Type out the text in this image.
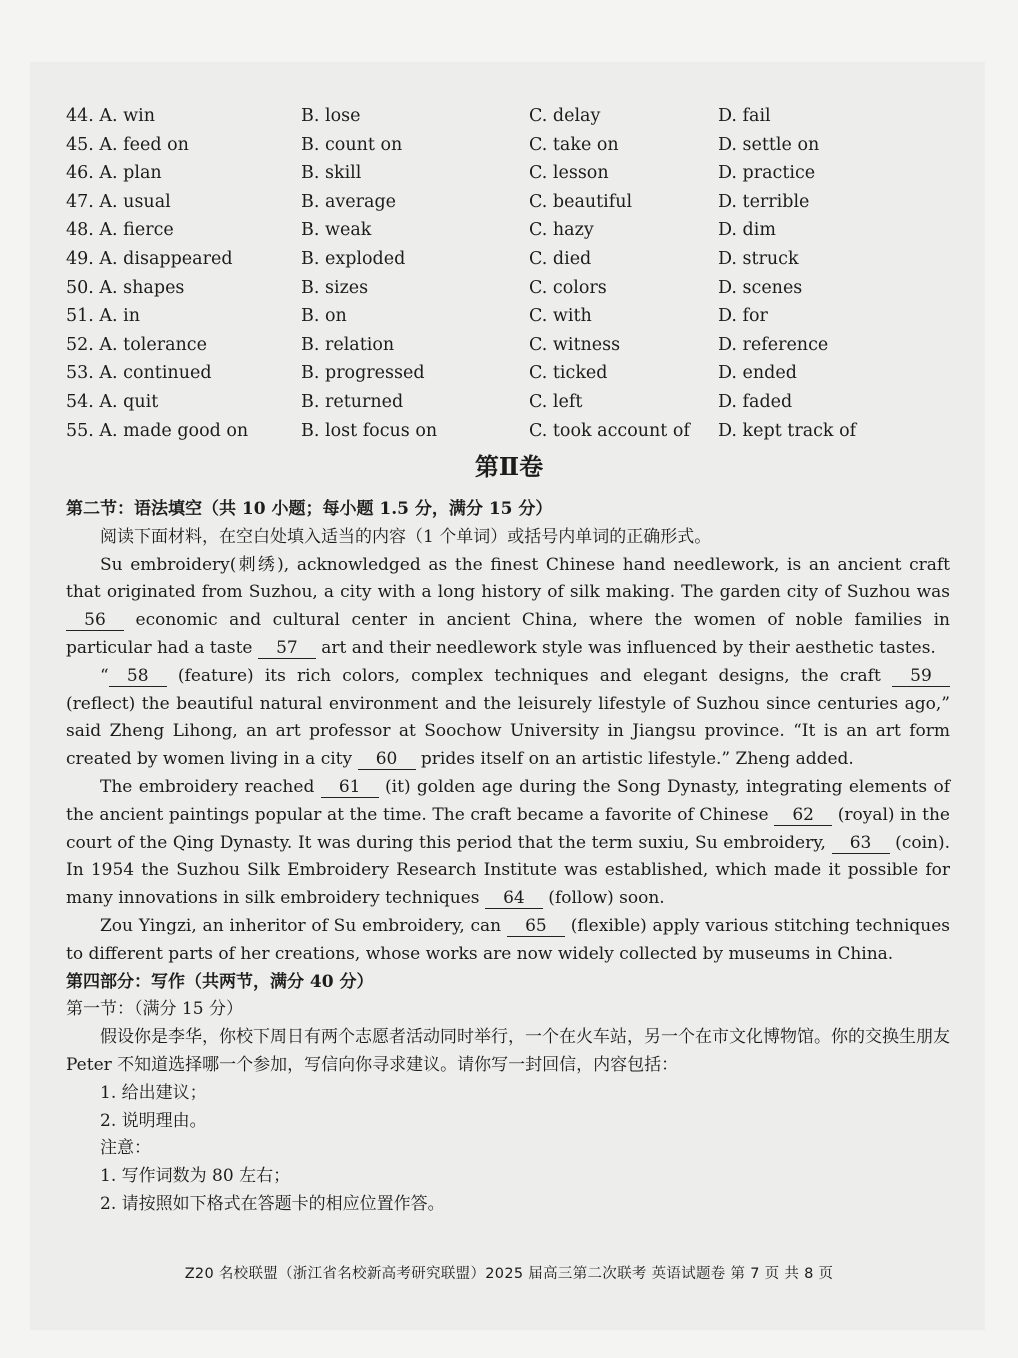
44. A. win	B. lose	C. delay	D. fail
45. A. feed on	B. count on	C. take on	D. settle on
46. A. plan	B. skill	C. lesson	D. practice
47. A. usual	B. average	C. beautiful	D. terrible
48. A. fierce	B. weak	C. hazy	D. dim
49. A. disappeared	B. exploded	C. died	D. struck
50. A. shapes	B. sizes	C. colors	D. scenes
51. A. in	B. on	C. with	D. for
52. A. tolerance	B. relation	C. witness	D. reference
53. A. continued	B. progressed	C. ticked	D. ended
54. A. quit	B. returned	C. left	D. faded
55. A. made good on	B. lost focus on	C. took account of D. kept track of
第Ⅱ卷

第二节：语法填空（共 10 小题；每小题 1.5 分，满分 15 分）

阅读下面材料，在空白处填入适当的内容（1 个单词）或括号内单词的正确形式。

Su embroidery(刺绣), acknowledged as the finest Chinese hand needlework, is an ancient craft that originated from Suzhou, a city with a long history of silk making. The garden city of Suzhou was 56 economic and cultural center in ancient China, where the women of noble families in particular had a taste 57 art and their needlework style was influenced by their aesthetic tastes.

“ 58 (feature) its rich colors, complex techniques and elegant designs, the craft 59 (reflect) the beautiful natural environment and the leisurely lifestyle of Suzhou since centuries ago,” said Zheng Lihong, an art professor at Soochow University in Jiangsu province. “It is an art form created by women living in a city 60 prides itself on an artistic lifestyle.” Zheng added.

The embroidery reached 61 (it) golden age during the Song Dynasty, integrating elements of the ancient paintings popular at the time. The craft became a favorite of Chinese 62 (royal) in the court of the Qing Dynasty. It was during this period that the term suxiu, Su embroidery, 63 (coin). In 1954 the Suzhou Silk Embroidery Research Institute was established, which made it possible for many innovations in silk embroidery techniques 64 (follow) soon.

Zou Yingzi, an inheritor of Su embroidery, can 65 (flexible) apply various stitching techniques to different parts of her creations, whose works are now widely collected by museums in China.

第四部分：写作（共两节，满分 40 分）

第一节：（满分 15 分）

假设你是李华，你校下周日有两个志愿者活动同时举行，一个在火车站，另一个在市文化博物馆。你的交换生朋友 Peter 不知道选择哪一个参加，写信向你寻求建议。请你写一封回信，内容包括：

1. 给出建议；

2. 说明理由。

注意：

1. 写作词数为 80 左右；

2. 请按照如下格式在答题卡的相应位置作答。

Z20 名校联盟（浙江省名校新高考研究联盟）2025 届高三第二次联考 英语试题卷 第 7 页 共 8 页
